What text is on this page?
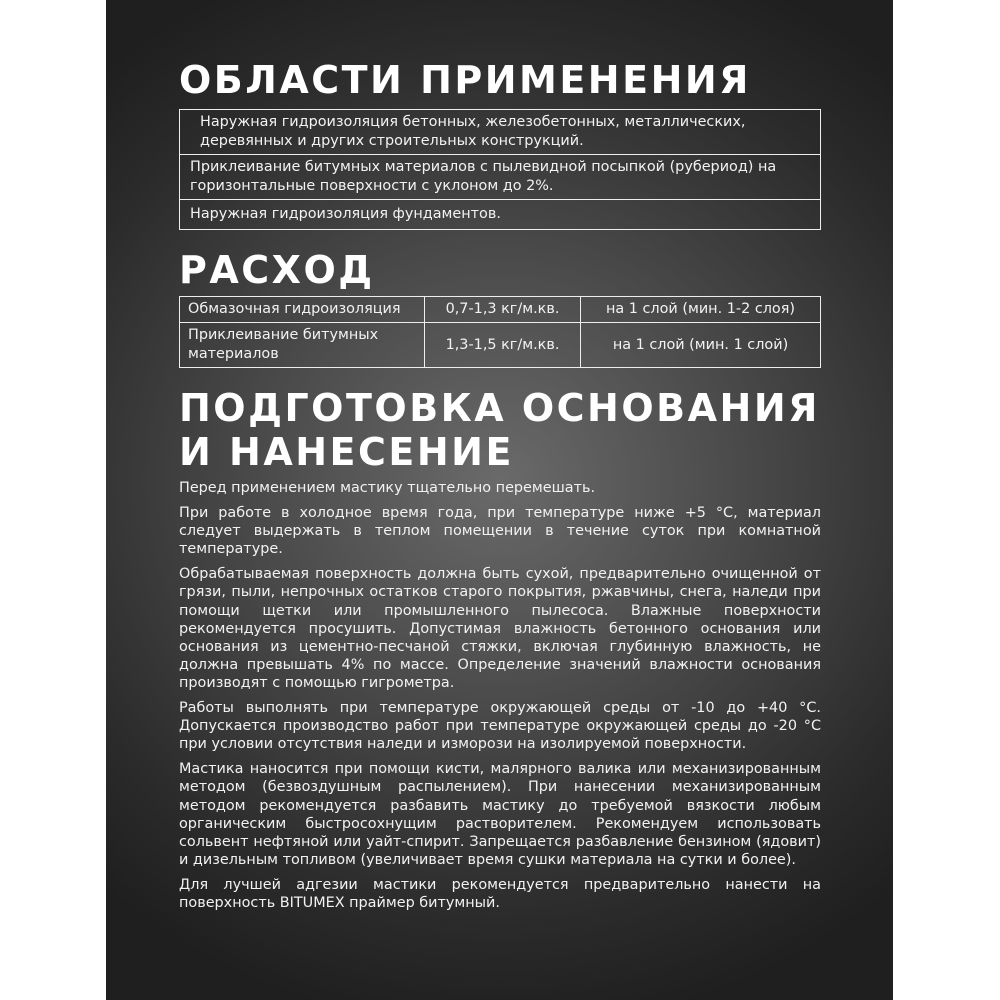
ОБЛАСТИ ПРИМЕНЕНИЯ
Наружная гидроизоляция бетонных, железобетонных, металлических, деревянных и других строительных конструкций.
Приклеивание битумных материалов с пылевидной посыпкой (рубериод) на горизонтальные поверхности с уклоном до 2%.
Наружная гидроизоляция фундаментов.
РАСХОД
Обмазочная гидроизоляция	0,7-1,3 кг/м.кв.	на 1 слой (мин. 1-2 слоя)
Приклеивание битумных материалов	1,3-1,5 кг/м.кв.	на 1 слой (мин. 1 слой)
ПОДГОТОВКА ОСНОВАНИЯ
И НАНЕСЕНИЕ

Перед применением мастику тщательно перемешать.

При работе в холодное время года, при температуре ниже +5 °С, материал следует выдержать в теплом помещении в течение суток при комнатной температуре.

Обрабатываемая поверхность должна быть сухой, предварительно очищенной от грязи, пыли, непрочных остатков старого покрытия, ржавчины, снега, наледи при помощи щетки или промышленного пылесоса. Влажные поверхности рекомендуется просушить. Допустимая влажность бетонного основания или основания из цементно-песчаной стяжки, включая глубинную влажность, не должна превышать 4% по массе. Определение значений влажности основания производят с помощью гигрометра.

Работы выполнять при температуре окружающей среды от -10 до +40 °С. Допускается производство работ при температуре окружающей среды до -20 °С при условии отсутствия наледи и изморози на изолируемой поверхности.

Мастика наносится при помощи кисти, малярного валика или механизированным методом (безвоздушным распылением). При нанесении механизированным методом рекомендуется разбавить мастику до требуемой вязкости любым органическим быстросохнущим растворителем. Рекомендуем использовать сольвент нефтяной или уайт-спирит. Запрещается разбавление бензином (ядовит) и дизельным топливом (увеличивает время сушки материала на сутки и более).

Для лучшей адгезии мастики рекомендуется предварительно нанести на поверхность BITUMEX праймер битумный.
